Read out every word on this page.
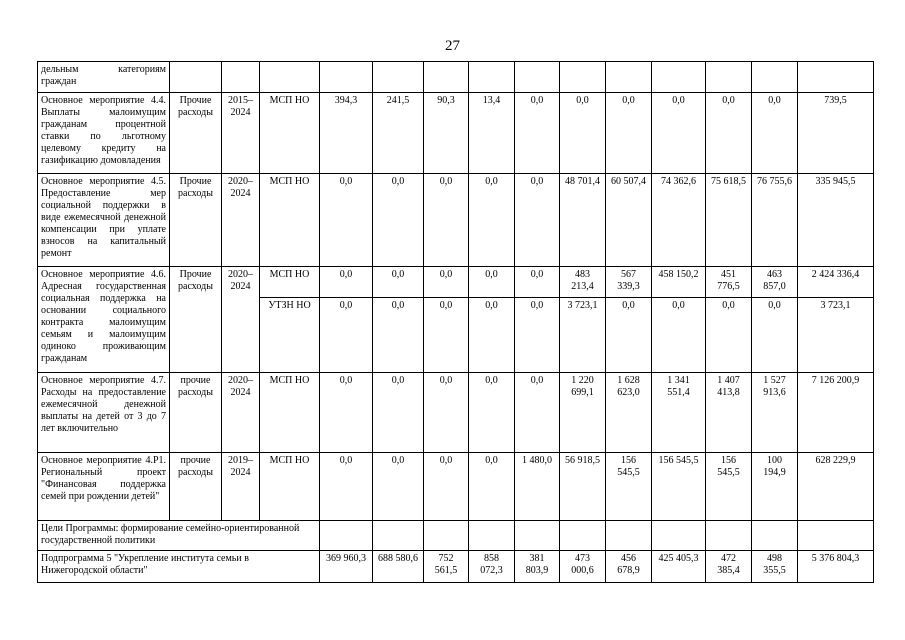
27
дельным категориям граждан														
Основное мероприятие 4.4. Выплаты малоимущим гражданам процентной ставки по льготному целевому кредиту на газификацию домовладения	Прочие расходы	2015–2024	МСП НО	394,3	241,5	90,3	13,4	0,0	0,0	0,0	0,0	0,0	0,0	739,5
Основное мероприятие 4.5. Предоставление мер социальной поддержки в виде ежемесячной денежной компенсации при уплате взносов на капитальный ремонт	Прочие расходы	2020–2024	МСП НО	0,0	0,0	0,0	0,0	0,0	48 701,4	60 507,4	74 362,6	75 618,5	76 755,6	335 945,5
Основное мероприятие 4.6. Адресная государственная социальная поддержка на основании социального контракта малоимущим семьям и малоимущим одиноко проживающим гражданам	Прочие расходы	2020–2024	МСП НО	0,0	0,0	0,0	0,0	0,0	483 213,4	567 339,3	458 150,2	451 776,5	463 857,0	2 424 336,4
			УТЗН НО	0,0	0,0	0,0	0,0	0,0	3 723,1	0,0	0,0	0,0	0,0	3 723,1
Основное мероприятие 4.7. Расходы на предоставление ежемесячной денежной выплаты на детей от 3 до 7 лет включительно	прочие расходы	2020–2024	МСП НО	0,0	0,0	0,0	0,0	0,0	1 220 699,1	1 628 623,0	1 341 551,4	1 407 413,8	1 527 913,6	7 126 200,9
Основное мероприятие 4.Р1. Региональный проект "Финансовая поддержка семей при рождении детей"	прочие расходы	2019–2024	МСП НО	0,0	0,0	0,0	0,0	1 480,0	56 918,5	156 545,5	156 545,5	156 545,5	100 194,9	628 229,9
Цели Программы: формирование семейно-ориентированной государственной политики														
Подпрограмма 5 "Укрепление института семьи в Нижегородской области"				369 960,3	688 580,6	752 561,5	858 072,3	381 803,9	473 000,6	456 678,9	425 405,3	472 385,4	498 355,5	5 376 804,3
